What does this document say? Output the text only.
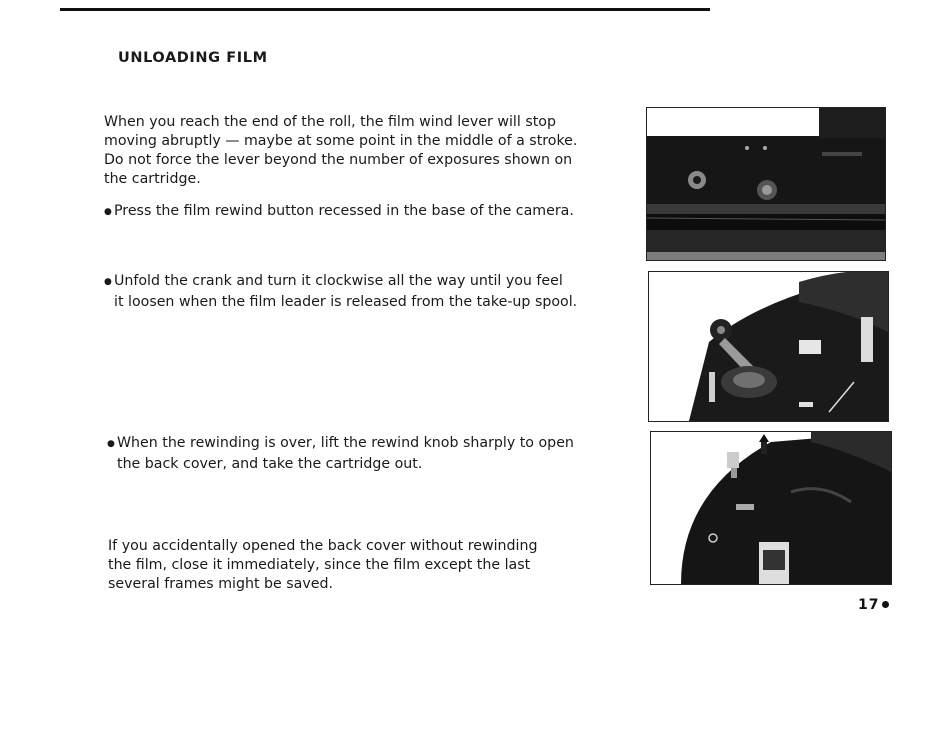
UNLOADING FILM
When you reach the end of the roll, the film wind lever will stop
moving abruptly — maybe at some point in the middle of a stroke.
Do not force the lever beyond the number of exposures shown on
the cartridge.
● Press the film rewind button recessed in the base of the camera.
● Unfold the crank and turn it clockwise all the way until you feel
it loosen when the film leader is released from the take-up spool.
● When the rewinding is over, lift the rewind knob sharply to open
the back cover, and take the cartridge out.
If you accidentally opened the back cover without rewinding
the film, close it immediately, since the film except the last
several frames might be saved.
17
